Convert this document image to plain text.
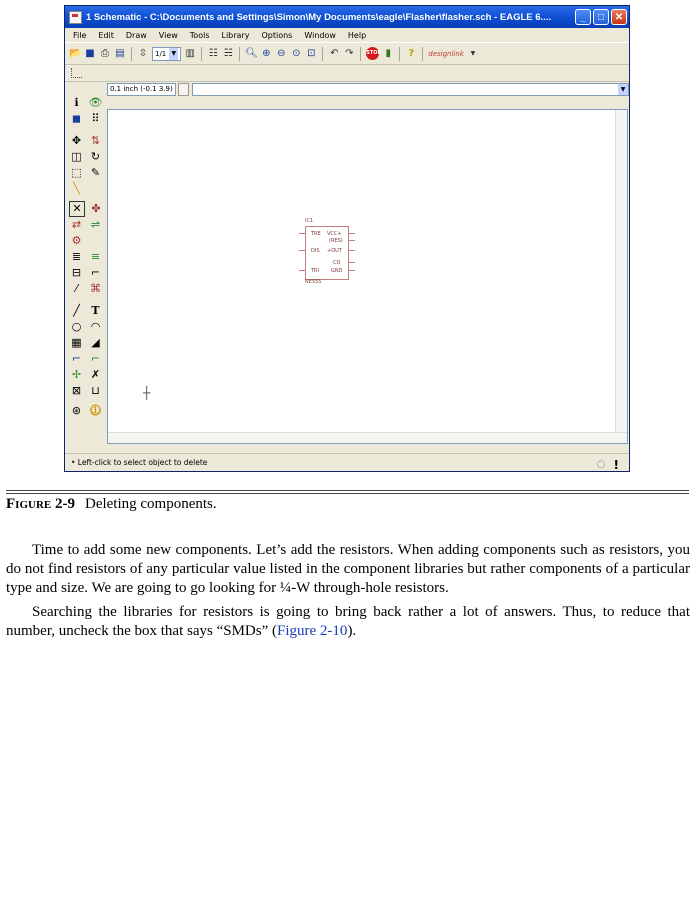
1 Schematic - C:\Documents and Settings\Simon\My Documents\eagle\Flasher\flasher.sch - EAGLE 6....	_	□	✕
File	Edit	Draw	View	Tools	Library	Options	Window	Help
📂 ■ ⎙ ▤ ⇳ 1/1 ▼ ▥ ☷ ☵ 🔍︎ ⊕ ⊖ ⊙ ⊡ ↶ ↷	STOP ▮	?	designlink	▼
0.1 inch (-0.1 3.9)	▼
ℹ 👁︎
◼ ⠿
✥ ⇅
◫ ↻
⬚ ✎
╲
✕ ✤
⇄ ⇌
⚙
≣ ≡
⊟ ⌐
⁄	⌘
╱	T
○ ◠
▦ ◢
⌐ ⌐
✢ ✗
⊠ ⊔
⊛ ⓵
IC1
TRE VCC+
(RES)
DIS +OUT
CO
TRI GND
NE555
┼
• Left-click to select object to delete	○ !
Figure 2-9 Deleting components.

Time to add some new components. Let’s add the resistors. When adding components such as resistors, you do not find resistors of any particular value listed in the component libraries but rather components of a particular type and size. We are going to go looking for ¼-W through-hole resistors.

Searching the libraries for resistors is going to bring back rather a lot of answers. Thus, to reduce that number, uncheck the box that says “SMDs” (Figure 2-10).
